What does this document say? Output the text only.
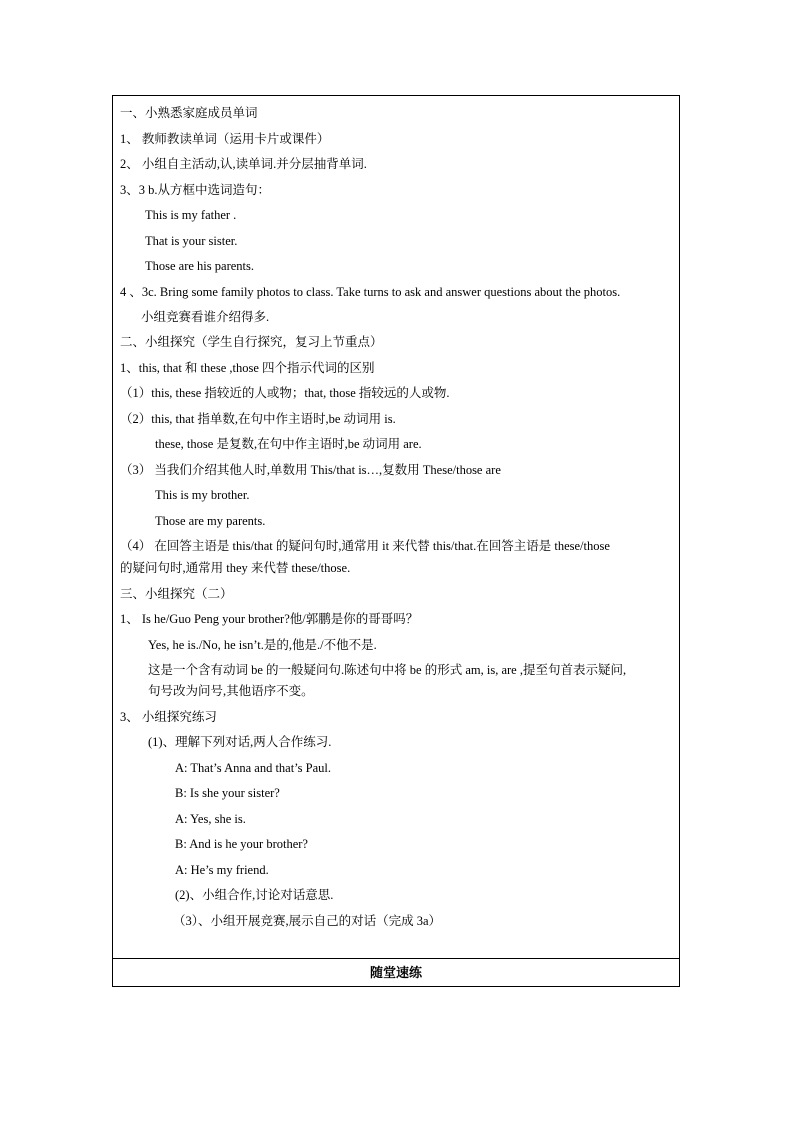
一、小熟悉家庭成员单词
1、 教师教读单词（运用卡片或课件）
2、 小组自主活动,认,读单词.并分层抽背单词.
3、3 b.从方框中选词造句：
This is my father .
That is your sister.
Those are his parents.
4 、3c. Bring some family photos to class. Take turns to ask and answer questions about the photos.
小组竞赛看谁介绍得多.
二、小组探究（学生自行探究，复习上节重点）
1、this, that 和 these ,those 四个指示代词的区别
（1）this, these 指较近的人或物；that, those 指较远的人或物.
（2）this, that 指单数,在句中作主语时,be 动词用 is.
these, those 是复数,在句中作主语时,be 动词用 are.
（3） 当我们介绍其他人时,单数用 This/that is…,复数用 These/those are
This is my brother.
Those are my parents.
（4） 在回答主语是 this/that 的疑问句时,通常用 it 来代替 this/that.在回答主语是 these/those
的疑问句时,通常用 they 来代替 these/those.
三、小组探究（二）
1、 Is he/Guo Peng your brother?他/郭鹏是你的哥哥吗？
Yes, he is./No, he isn’t.是的,他是./不他不是.
这是一个含有动词 be 的一般疑问句.陈述句中将 be 的形式 am, is, are ,提至句首表示疑问,
句号改为问号,其他语序不变。
3、 小组探究练习
(1)、理解下列对话,两人合作练习.
A: That’s Anna and that’s Paul.
B: Is she your sister?
A: Yes, she is.
B: And is he your brother?
A: He’s my friend.
(2)、小组合作,讨论对话意思.
（3）、小组开展竞赛,展示自己的对话（完成 3a）
随堂速练
